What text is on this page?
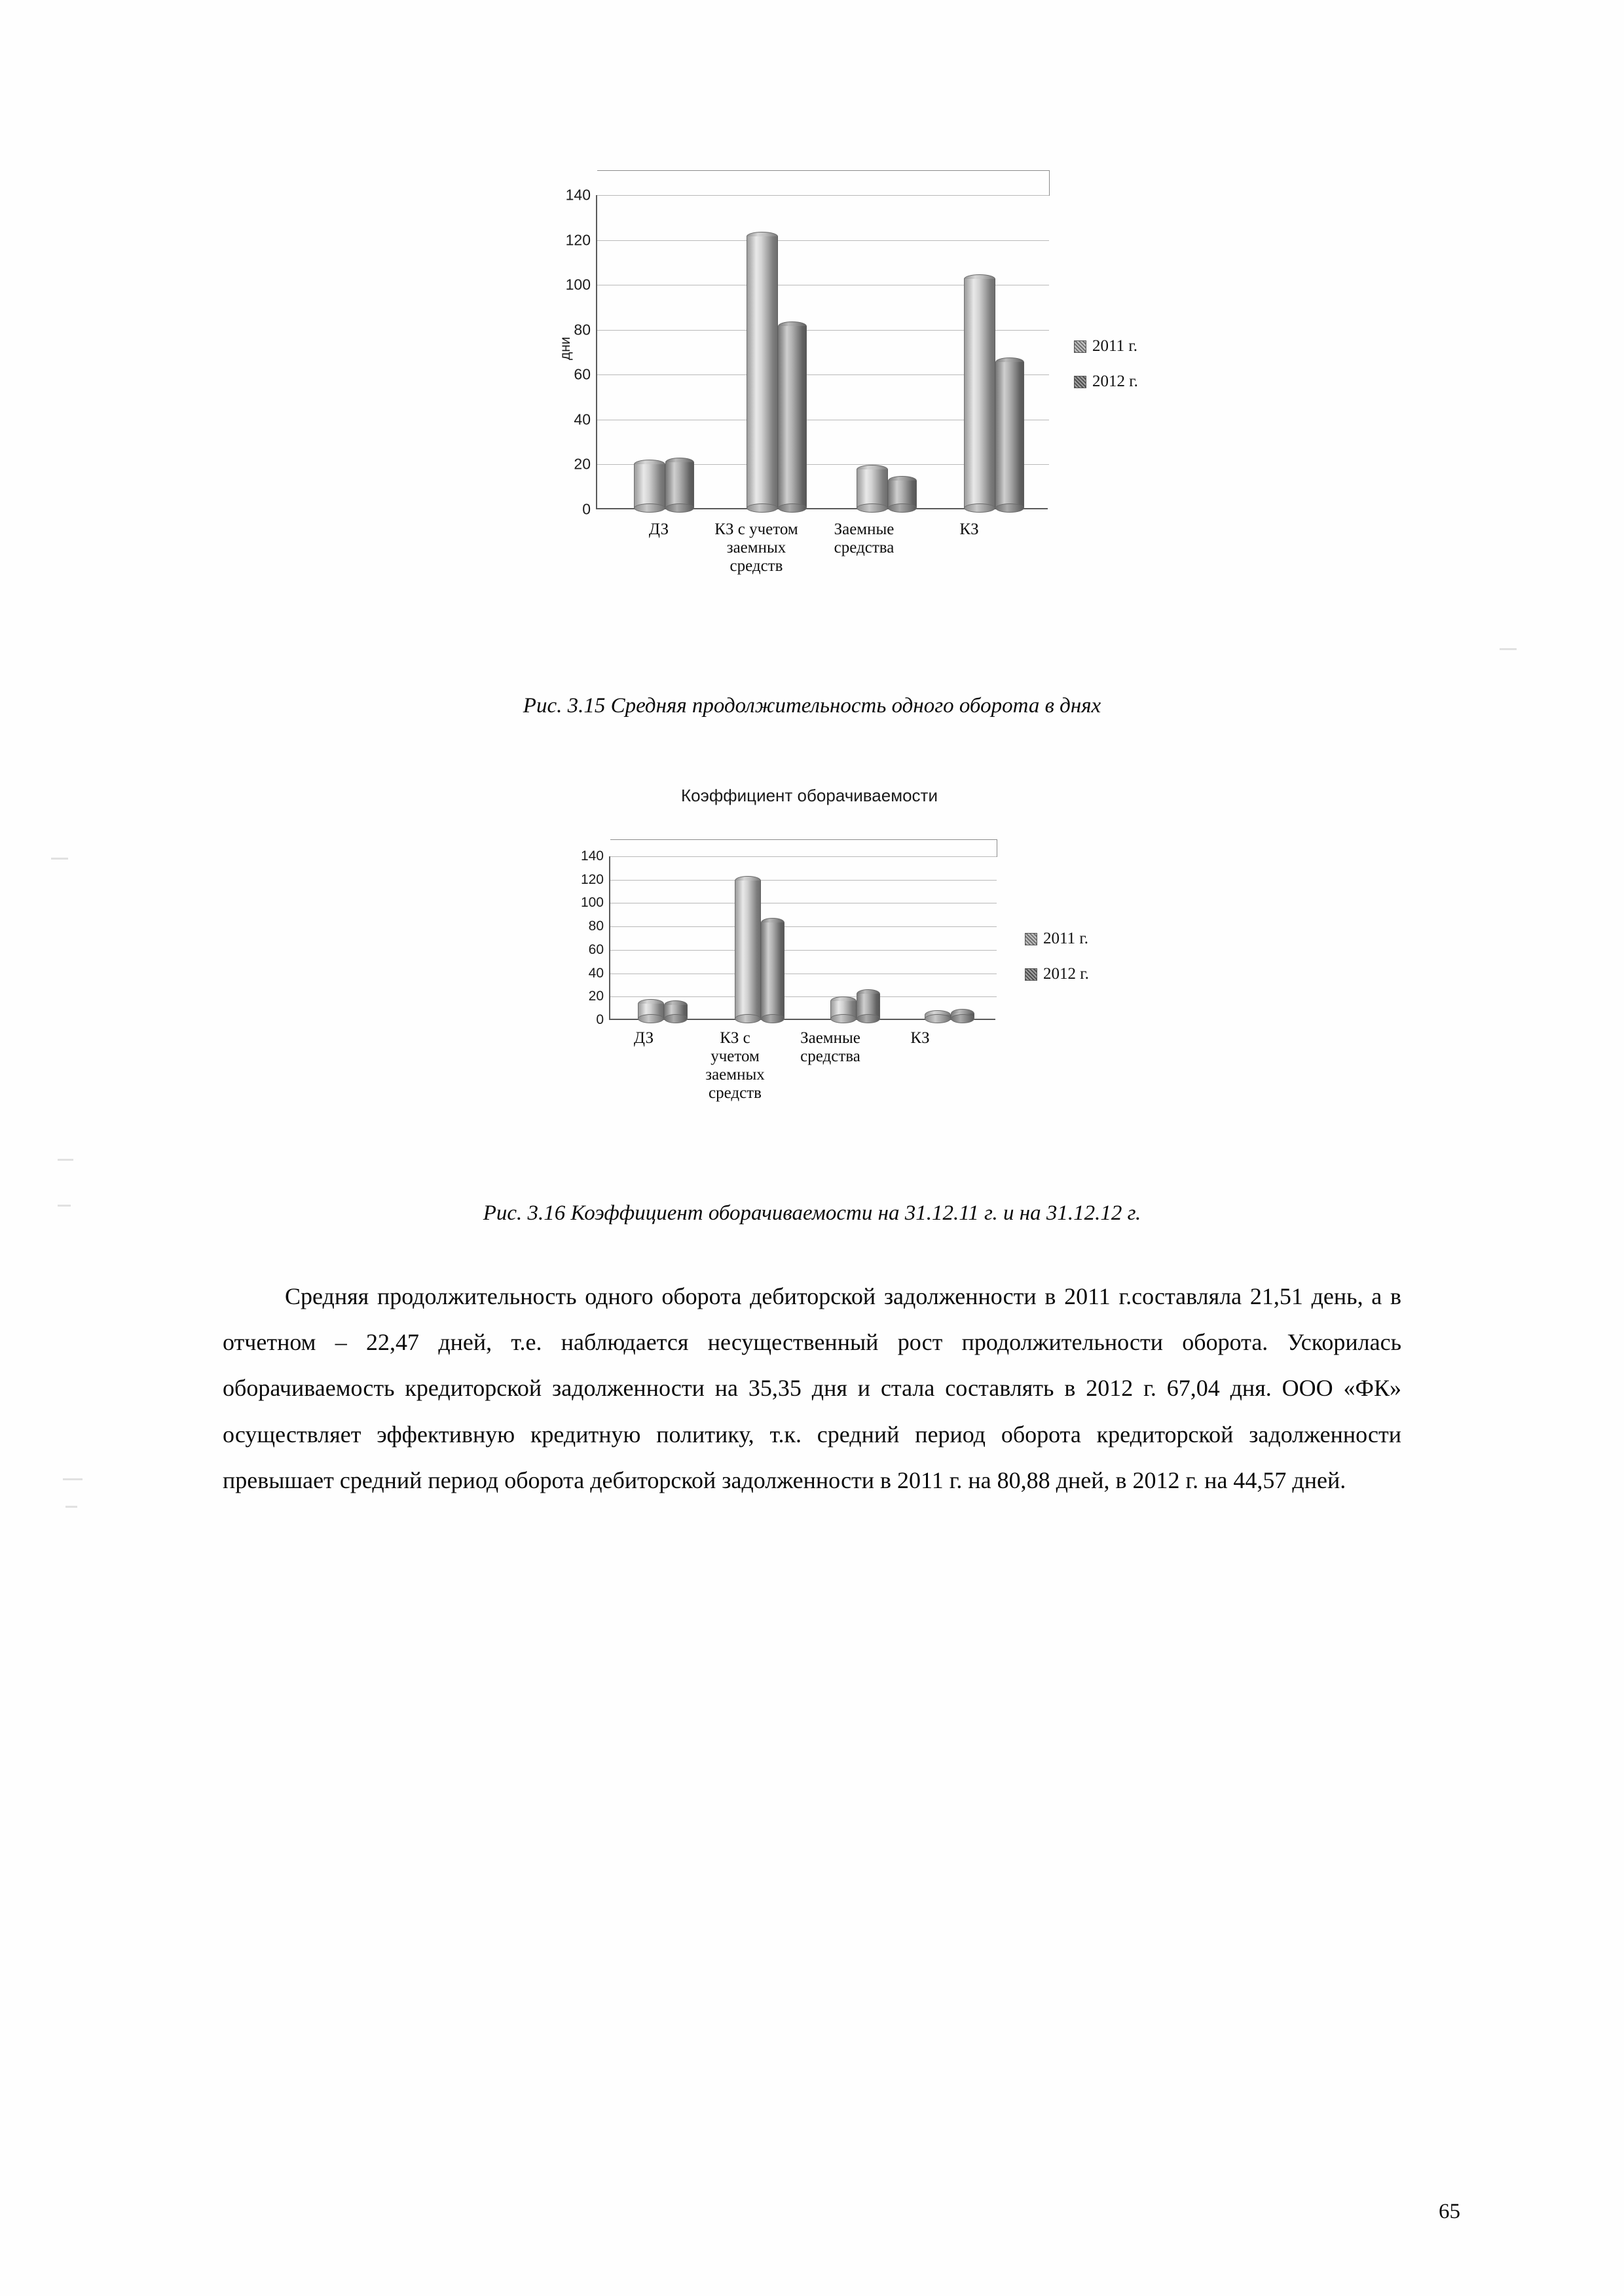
дни
140
120
100
80
60
40
20
0
ДЗ	КЗ с учетом заемных средств
Заемные средства
КЗ
2011 г.
2012 г.
Рис. 3.15 Средняя продолжительность одного оборота в днях
Коэффициент оборачиваемости
140
120
100
80
60
40
20
0
ДЗ	КЗ с учетом заемных средств
Заемные средства
КЗ
2011 г.
2012 г.
Рис. 3.16 Коэффициент оборачиваемости на 31.12.11 г. и на 31.12.12 г.

Средняя продолжительность одного оборота дебиторской задолженности в 2011 г.составляла 21,51 день, а в отчетном – 22,47 дней, т.е. наблюдается несущественный рост продолжительности оборота. Ускорилась оборачиваемость кредиторской задолженности на 35,35 дня и стала составлять в 2012 г. 67,04 дня. ООО «ФК» осуществляет эффективную кредитную политику, т.к. средний период оборота кредиторской задолженности превышает средний период оборота дебиторской задолженности в 2011 г. на 80,88 дней, в 2012 г. на 44,57 дней.

65
